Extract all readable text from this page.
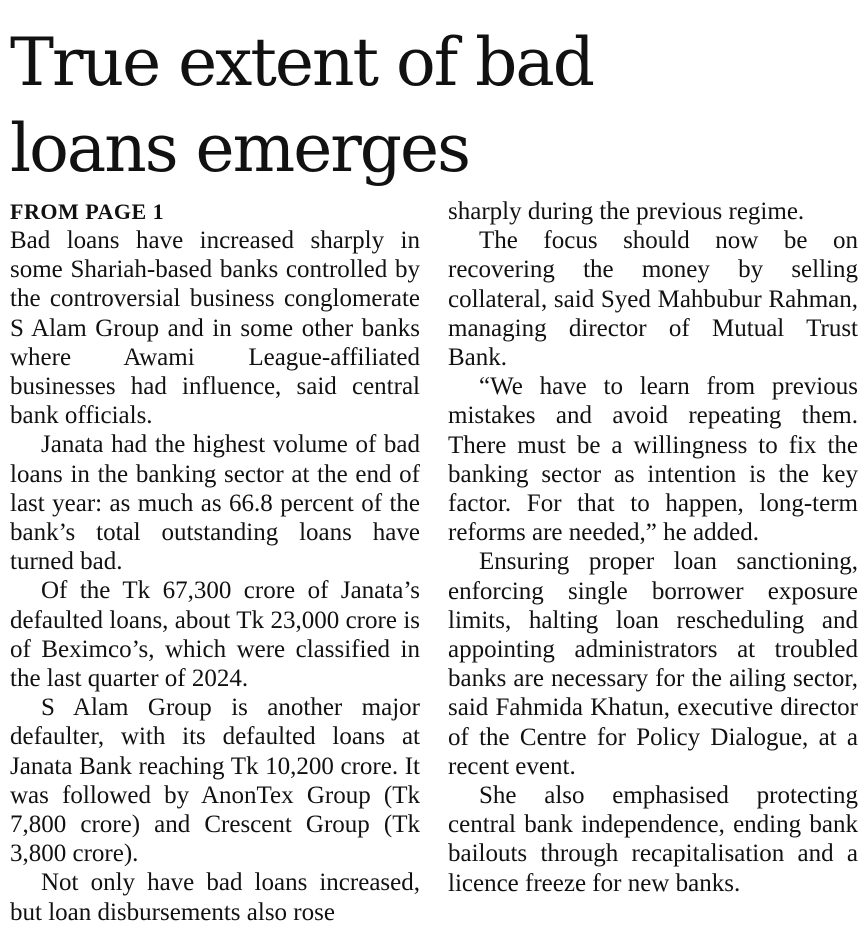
True extent of bad
loans emerges
FROM PAGE 1

Bad loans have increased sharply in some Shariah-based banks controlled by the controversial business conglomerate S Alam Group and in some other banks where Awami League-affiliated businesses had influence, said central bank officials.

Janata had the highest volume of bad loans in the banking sector at the end of last year: as much as 66.8 percent of the bank’s total outstanding loans have turned bad.

Of the Tk 67,300 crore of Janata’s defaulted loans, about Tk 23,000 crore is of Beximco’s, which were classified in the last quarter of 2024.

S Alam Group is another major defaulter, with its defaulted loans at Janata Bank reaching Tk 10,200 crore. It was followed by AnonTex Group (Tk 7,800 crore) and Crescent Group (Tk 3,800 crore).

Not only have bad loans increased, but loan disbursements also rose

sharply during the previous regime.

The focus should now be on recovering the money by selling collateral, said Syed Mahbubur Rahman, managing director of Mutual Trust Bank.

“We have to learn from previous mistakes and avoid repeating them. There must be a willingness to fix the banking sector as intention is the key factor. For that to happen, long-term reforms are needed,” he added.

Ensuring proper loan sanctioning, enforcing single borrower exposure limits, halting loan rescheduling and appointing administrators at troubled banks are necessary for the ailing sector, said Fahmida Khatun, executive director of the Centre for Policy Dialogue, at a recent event.

She also emphasised protecting central bank independence, ending bank bailouts through recapitalisation and a licence freeze for new banks.
